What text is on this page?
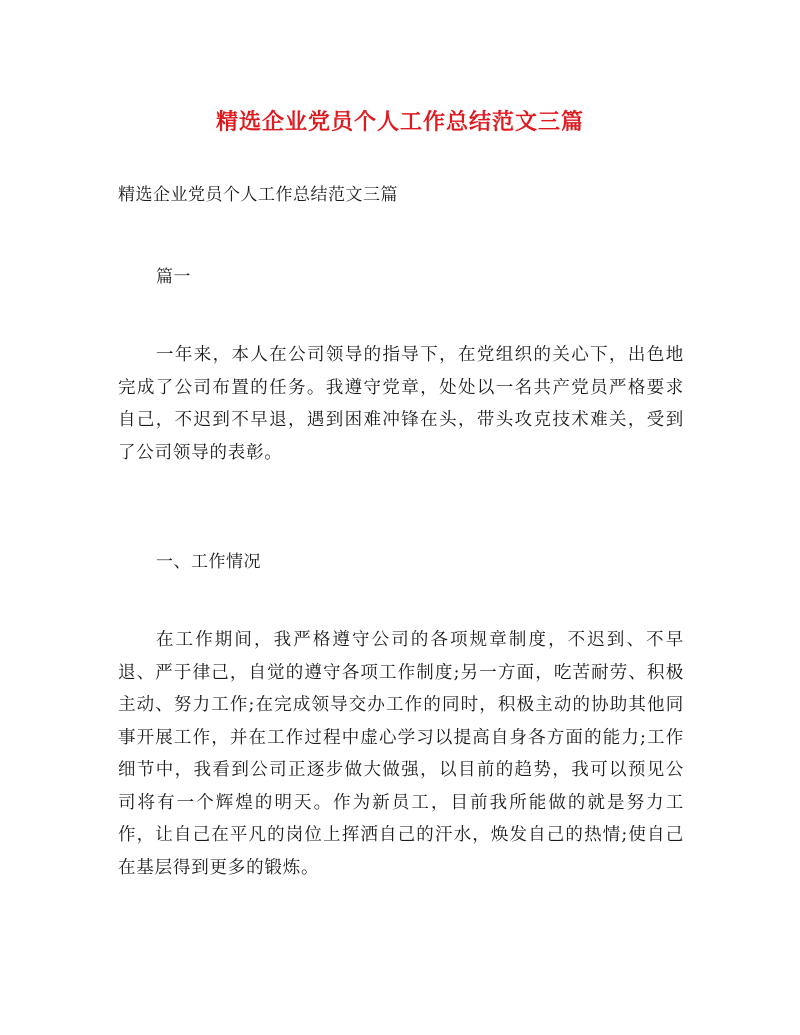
精选企业党员个人工作总结范文三篇
精选企业党员个人工作总结范文三篇
篇一

一年来，本人在公司领导的指导下，在党组织的关心下，出色地完成了公司布置的任务。我遵守党章，处处以一名共产党员严格要求自己，不迟到不早退，遇到困难冲锋在头，带头攻克技术难关，受到了公司领导的表彰。

一、工作情况

在工作期间，我严格遵守公司的各项规章制度，不迟到、不早退、严于律己，自觉的遵守各项工作制度;另一方面，吃苦耐劳、积极主动、努力工作;在完成领导交办工作的同时，积极主动的协助其他同事开展工作，并在工作过程中虚心学习以提高自身各方面的能力;工作细节中，我看到公司正逐步做大做强，以目前的趋势，我可以预见公司将有一个辉煌的明天。作为新员工，目前我所能做的就是努力工作，让自己在平凡的岗位上挥洒自己的汗水，焕发自己的热情;使自己在基层得到更多的锻炼。
